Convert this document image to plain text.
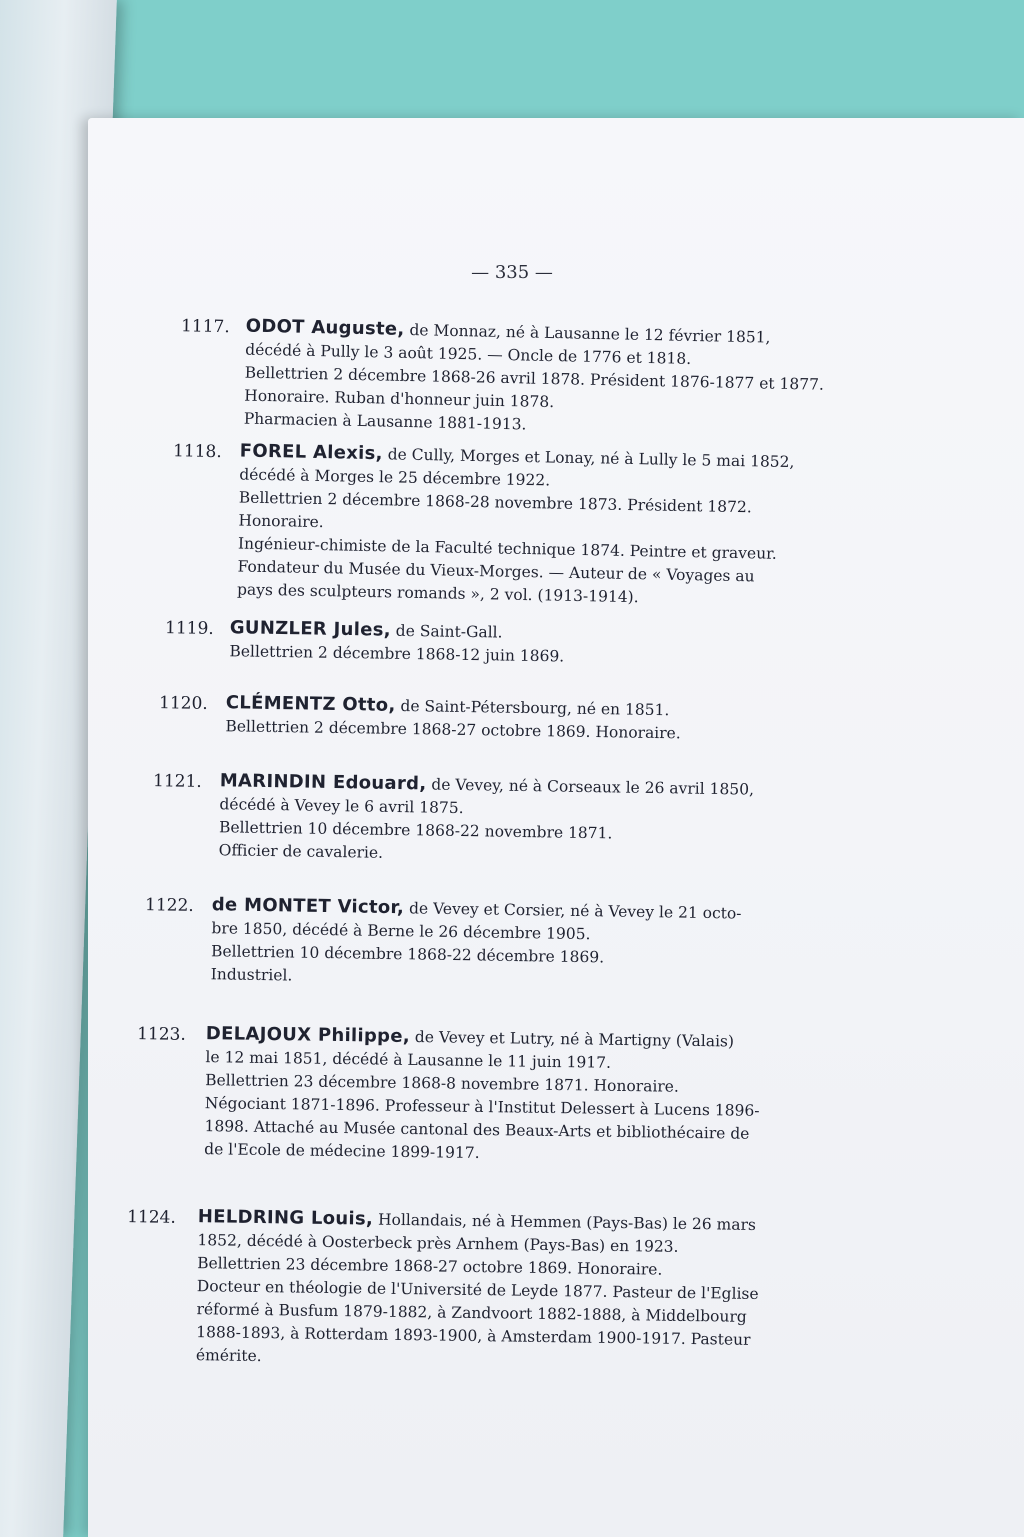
— 335 —
1117. ODOT Auguste, de Monnaz, né à Lausanne le 12 février 1851,
décédé à Pully le 3 août 1925. — Oncle de 1776 et 1818.
Bellettrien 2 décembre 1868-26 avril 1878. Président 1876-1877 et 1877.
Honoraire. Ruban d'honneur juin 1878.
Pharmacien à Lausanne 1881-1913.
1118. FOREL Alexis, de Cully, Morges et Lonay, né à Lully le 5 mai 1852,
décédé à Morges le 25 décembre 1922.
Bellettrien 2 décembre 1868-28 novembre 1873. Président 1872.
Honoraire.
Ingénieur-chimiste de la Faculté technique 1874. Peintre et graveur.
Fondateur du Musée du Vieux-Morges. — Auteur de « Voyages au
pays des sculpteurs romands », 2 vol. (1913-1914).
1119. GUNZLER Jules, de Saint-Gall.
Bellettrien 2 décembre 1868-12 juin 1869.
1120. CLÉMENTZ Otto, de Saint-Pétersbourg, né en 1851.
Bellettrien 2 décembre 1868-27 octobre 1869. Honoraire.
1121. MARINDIN Edouard, de Vevey, né à Corseaux le 26 avril 1850,
décédé à Vevey le 6 avril 1875.
Bellettrien 10 décembre 1868-22 novembre 1871.
Officier de cavalerie.
1122. de MONTET Victor, de Vevey et Corsier, né à Vevey le 21 octo-
bre 1850, décédé à Berne le 26 décembre 1905.
Bellettrien 10 décembre 1868-22 décembre 1869.
Industriel.
1123. DELAJOUX Philippe, de Vevey et Lutry, né à Martigny (Valais)
le 12 mai 1851, décédé à Lausanne le 11 juin 1917.
Bellettrien 23 décembre 1868-8 novembre 1871. Honoraire.
Négociant 1871-1896. Professeur à l'Institut Delessert à Lucens 1896-
1898. Attaché au Musée cantonal des Beaux-Arts et bibliothécaire de
de l'Ecole de médecine 1899-1917.
1124. HELDRING Louis, Hollandais, né à Hemmen (Pays-Bas) le 26 mars
1852, décédé à Oosterbeck près Arnhem (Pays-Bas) en 1923.
Bellettrien 23 décembre 1868-27 octobre 1869. Honoraire.
Docteur en théologie de l'Université de Leyde 1877. Pasteur de l'Eglise
réformé à Busfum 1879-1882, à Zandvoort 1882-1888, à Middelbourg
1888-1893, à Rotterdam 1893-1900, à Amsterdam 1900-1917. Pasteur
émérite.
